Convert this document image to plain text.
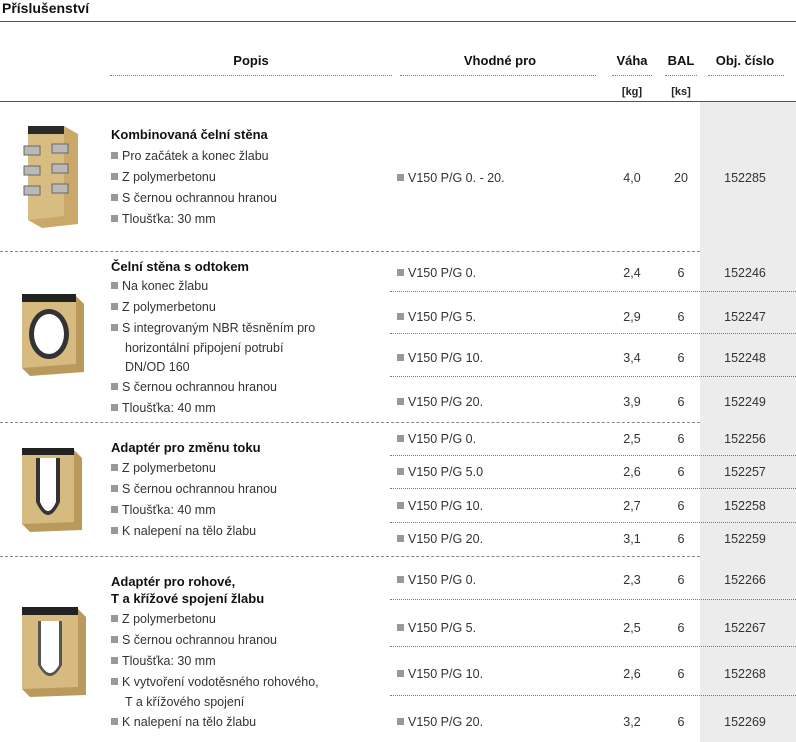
Příslušenství
Popis	Vhodné pro	Váha	BAL	Obj. číslo
[kg]	[ks]
Kombinovaná čelní stěna
Pro začátek a konec žlabu
Z polymerbetonu
S černou ochrannou hranou
Tloušťka: 30 mm
V150 P/G 0. - 20.	4,0	20	152285
Čelní stěna s odtokem
Na konec žlabu
Z polymerbetonu
S integrovaným NBR těsněním pro
horizontální připojení potrubí
DN/OD 160
S černou ochrannou hranou
Tloušťka: 40 mm
V150 P/G 0.	2,4	6	152246
V150 P/G 5.	2,9	6	152247
V150 P/G 10.	3,4	6	152248
V150 P/G 20.	3,9	6	152249
Adaptér pro změnu toku
Z polymerbetonu
S černou ochrannou hranou
Tloušťka: 40 mm
K nalepení na tělo žlabu
V150 P/G 0.	2,5	6	152256
V150 P/G 5.0	2,6	6	152257
V150 P/G 10.	2,7	6	152258
V150 P/G 20.	3,1	6	152259
Adaptér pro rohové,
T a křížové spojení žlabu
Z polymerbetonu
S černou ochrannou hranou
Tloušťka: 30 mm
K vytvoření vodotěsného rohového,
T a křížového spojení
K nalepení na tělo žlabu
V150 P/G 0.	2,3	6	152266
V150 P/G 5.	2,5	6	152267
V150 P/G 10.	2,6	6	152268
V150 P/G 20.	3,2	6	152269
